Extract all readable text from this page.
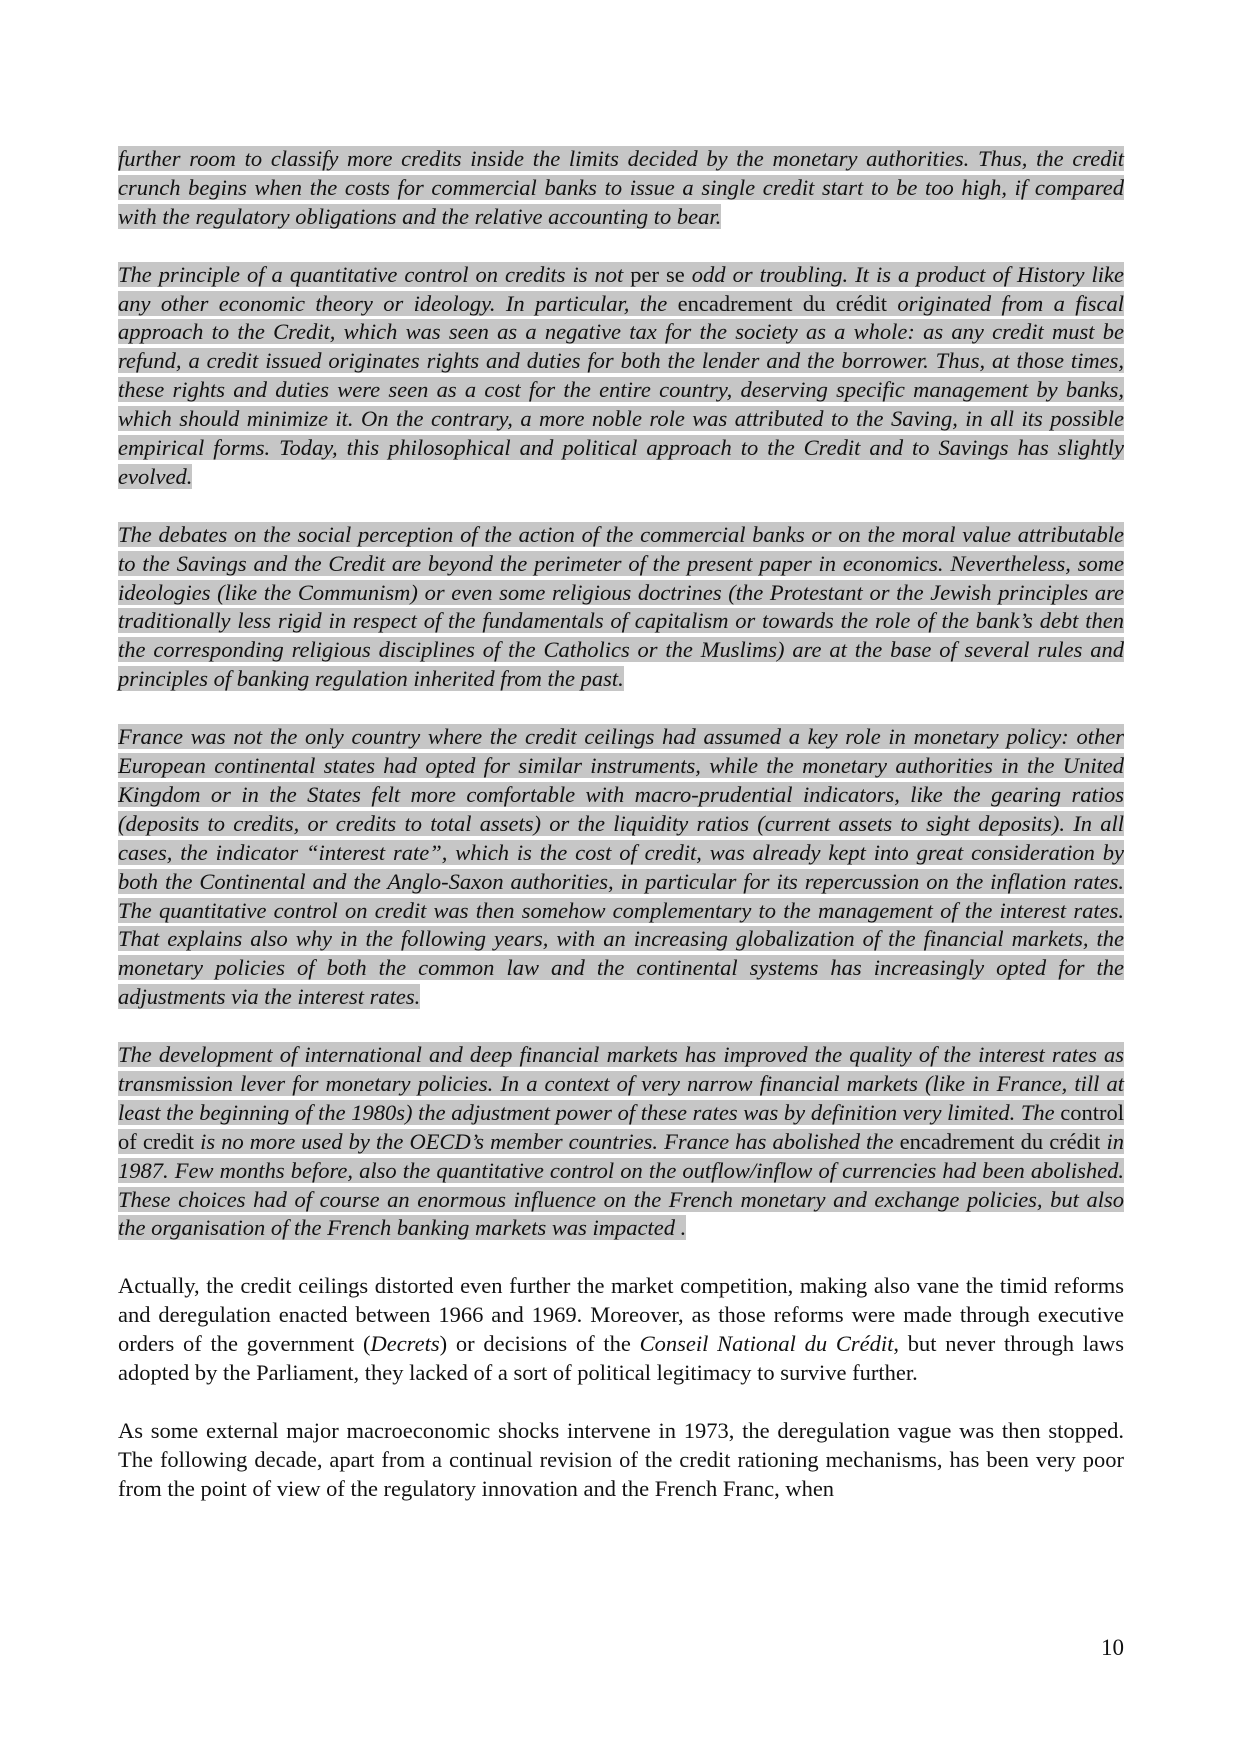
further room to classify more credits inside the limits decided by the monetary authorities. Thus, the credit crunch begins when the costs for commercial banks to issue a single credit start to be too high, if compared with the regulatory obligations and the relative accounting to bear.

The principle of a quantitative control on credits is not per se odd or troubling. It is a product of History like any other economic theory or ideology. In particular, the encadrement du crédit originated from a fiscal approach to the Credit, which was seen as a negative tax for the society as a whole: as any credit must be refund, a credit issued originates rights and duties for both the lender and the borrower. Thus, at those times, these rights and duties were seen as a cost for the entire country, deserving specific management by banks, which should minimize it. On the contrary, a more noble role was attributed to the Saving, in all its possible empirical forms. Today, this philosophical and political approach to the Credit and to Savings has slightly evolved.

The debates on the social perception of the action of the commercial banks or on the moral value attributable to the Savings and the Credit are beyond the perimeter of the present paper in economics. Nevertheless, some ideologies (like the Communism) or even some religious doctrines (the Protestant or the Jewish principles are traditionally less rigid in respect of the fundamentals of capitalism or towards the role of the bank’s debt then the corresponding religious disciplines of the Catholics or the Muslims) are at the base of several rules and principles of banking regulation inherited from the past.

France was not the only country where the credit ceilings had assumed a key role in monetary policy: other European continental states had opted for similar instruments, while the monetary authorities in the United Kingdom or in the States felt more comfortable with macro-prudential indicators, like the gearing ratios (deposits to credits, or credits to total assets) or the liquidity ratios (current assets to sight deposits). In all cases, the indicator “interest rate”, which is the cost of credit, was already kept into great consideration by both the Continental and the Anglo-Saxon authorities, in particular for its repercussion on the inflation rates. The quantitative control on credit was then somehow complementary to the management of the interest rates. That explains also why in the following years, with an increasing globalization of the financial markets, the monetary policies of both the common law and the continental systems has increasingly opted for the adjustments via the interest rates.

The development of international and deep financial markets has improved the quality of the interest rates as transmission lever for monetary policies. In a context of very narrow financial markets (like in France, till at least the beginning of the 1980s) the adjustment power of these rates was by definition very limited. The control of credit is no more used by the OECD’s member countries. France has abolished the encadrement du crédit in 1987. Few months before, also the quantitative control on the outflow/inflow of currencies had been abolished. These choices had of course an enormous influence on the French monetary and exchange policies, but also the organisation of the French banking markets was impacted .

Actually, the credit ceilings distorted even further the market competition, making also vane the timid reforms and deregulation enacted between 1966 and 1969. Moreover, as those reforms were made through executive orders of the government (Decrets) or decisions of the Conseil National du Crédit, but never through laws adopted by the Parliament, they lacked of a sort of political legitimacy to survive further.

As some external major macroeconomic shocks intervene in 1973, the deregulation vague was then stopped. The following decade, apart from a continual revision of the credit rationing mechanisms, has been very poor from the point of view of the regulatory innovation and the French Franc, when

10
